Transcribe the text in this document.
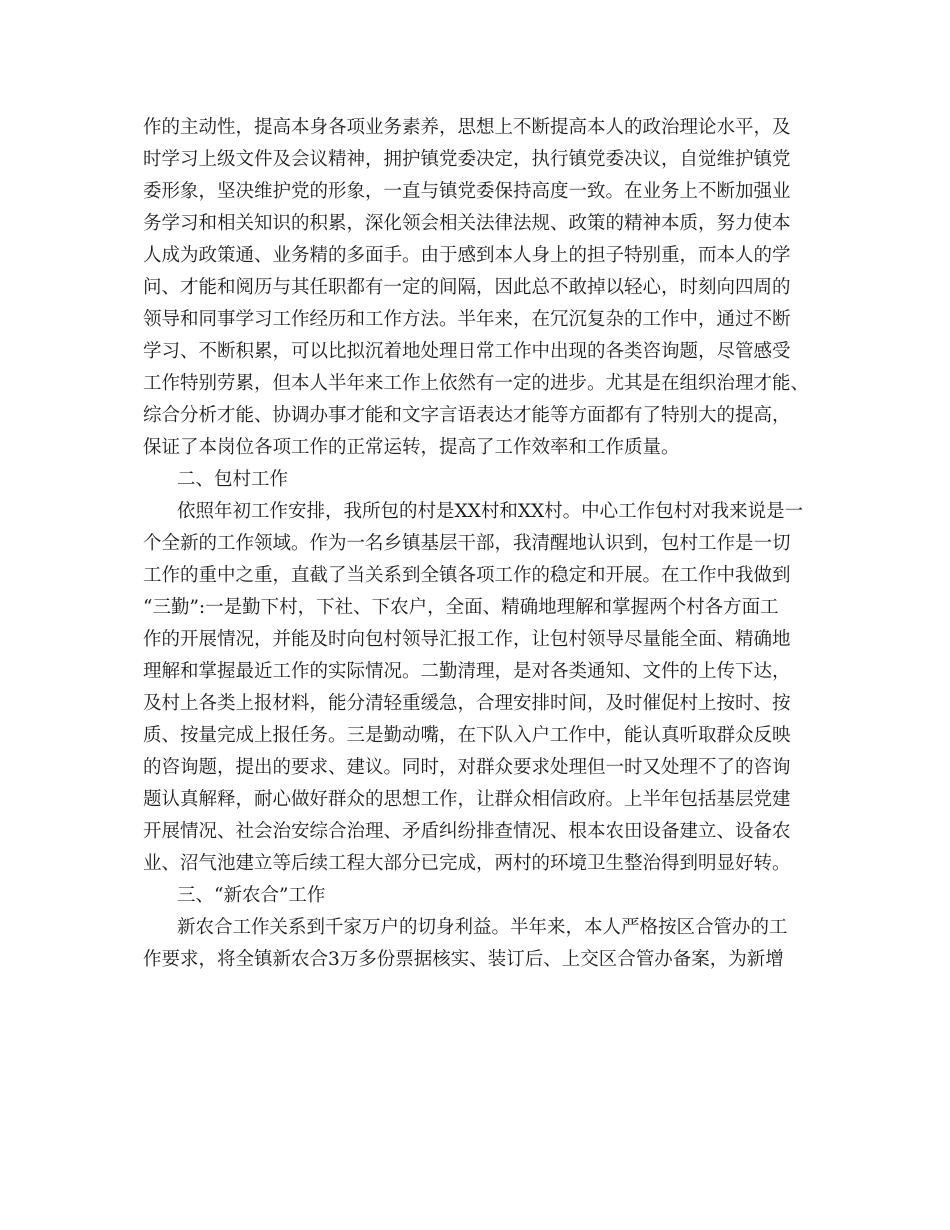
作的主动性，提高本身各项业务素养，思想上不断提高本人的政治理论水平，及
时学习上级文件及会议精神，拥护镇党委决定，执行镇党委决议，自觉维护镇党
委形象，坚决维护党的形象，一直与镇党委保持高度一致。在业务上不断加强业
务学习和相关知识的积累，深化领会相关法律法规、政策的精神本质，努力使本
人成为政策通、业务精的多面手。由于感到本人身上的担子特别重，而本人的学
问、才能和阅历与其任职都有一定的间隔，因此总不敢掉以轻心，时刻向四周的
领导和同事学习工作经历和工作方法。半年来，在冗沉复杂的工作中，通过不断
学习、不断积累，可以比拟沉着地处理日常工作中出现的各类咨询题，尽管感受
工作特别劳累，但本人半年来工作上依然有一定的进步。尤其是在组织治理才能、
综合分析才能、协调办事才能和文字言语表达才能等方面都有了特别大的提高，
保证了本岗位各项工作的正常运转，提高了工作效率和工作质量。
二、包村工作
依照年初工作安排，我所包的村是XX村和XX村。中心工作包村对我来说是一
个全新的工作领域。作为一名乡镇基层干部，我清醒地认识到，包村工作是一切
工作的重中之重，直截了当关系到全镇各项工作的稳定和开展。在工作中我做到
“三勤”:一是勤下村，下社、下农户，全面、精确地理解和掌握两个村各方面工
作的开展情况，并能及时向包村领导汇报工作，让包村领导尽量能全面、精确地
理解和掌握最近工作的实际情况。二勤清理，是对各类通知、文件的上传下达，
及村上各类上报材料，能分清轻重缓急，合理安排时间，及时催促村上按时、按
质、按量完成上报任务。三是勤动嘴，在下队入户工作中，能认真听取群众反映
的咨询题，提出的要求、建议。同时，对群众要求处理但一时又处理不了的咨询
题认真解释，耐心做好群众的思想工作，让群众相信政府。上半年包括基层党建
开展情况、社会治安综合治理、矛盾纠纷排查情况、根本农田设备建立、设备农
业、沼气池建立等后续工程大部分已完成，两村的环境卫生整治得到明显好转。
三、“新农合”工作
新农合工作关系到千家万户的切身利益。半年来，本人严格按区合管办的工
作要求，将全镇新农合3万多份票据核实、装订后、上交区合管办备案，为新增
